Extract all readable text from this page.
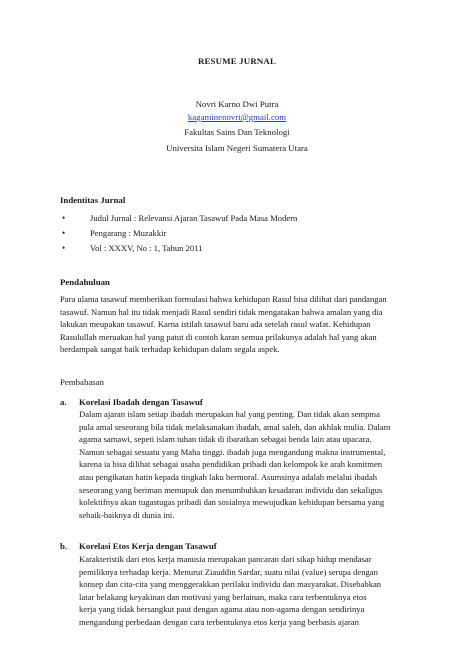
RESUME JURNAL
Novri Karno Dwi Putra
kagaminenovri@gmail.com
Fakultas Sains Dan Teknologi
Universita Islam Negeri Sumatera Utara
Indentitas Jurnal
• Judul Jurnal : Relevansi Ajaran Tasawuf Pada Masa Modern
• Pengarang : Muzakkir
• Vol : XXXV, No : 1, Tahun 2011
Pendahuluan
Para ulama tasawuf memberikan formulasi bahwa kehidupan Rasul bisa dilihat dari pandangan
tasawuf. Namun hal itu tidak menjadi Rasul sendiri tidak mengatakan bahwa amalan yang dia
lakukan meupakan tasawuf. Karna istilah tasawuf baru ada setelah rasul wafat. Kehidupan
Rasulullah meruakan hal yang patut di contoh karan semua prilakunya adalah hal yang akan
berdampak sangat baik terhadap kehidupan dalam segala aspek.
Pembahasan
a. Korelasi Ibadah dengan Tasawuf
Dalam ajaran islam setiap ibadah merupakan hal yang penting. Dan tidak akan sempma
pula amal seseorang bila tidak melaksanakan ibadah, amal saleh, dan akhlak mulia. Dalam
agama samawi, sepeti islam tuhan tidak di ibaratkan sebagai benda lain atau upacara.
Namun sebagai sesuatu yang Maha tinggi. ibadah juga mengandung makna instrumental,
karena ia bisa dilihat sebagai usaha pendidikan pribadi dan kelompok ke arah komitmen
atau pengikatan batin kepada tingkah laku bermoral. Asumsinya adalah melalui ibadah
seseorang yang beriman memupuk dan menumbuhkan kesadaran individu dan sekaligus
kolektifnya akan tugastugas pribadi dan sosialnya mewujudkan kehidupan bersama yang
sebaik-baiknya di dunia ini.
b. Korelasi Etos Kerja dengan Tasawuf
Karakteristik dari etos kerja manusia merupakan pancaran dari sikap hidup mendasar
pemiliknya terhadap kerja. Menurut Ziauddin Sardar, suatu nilai (value) serupa dengan
konsep dan cita-cita yang menggerakkan perilaku individu dan masyarakat. Disebabkan
latar belakang keyakinan dan motivasi yang berlainan, maka cara terbentuknya etos
kerja yang tidak bersangkut paut dengan agama atau non-agama dengan sendirinya
mengandung perbedaan dengan cara terbentuknya etos kerja yang berbasis ajaran
